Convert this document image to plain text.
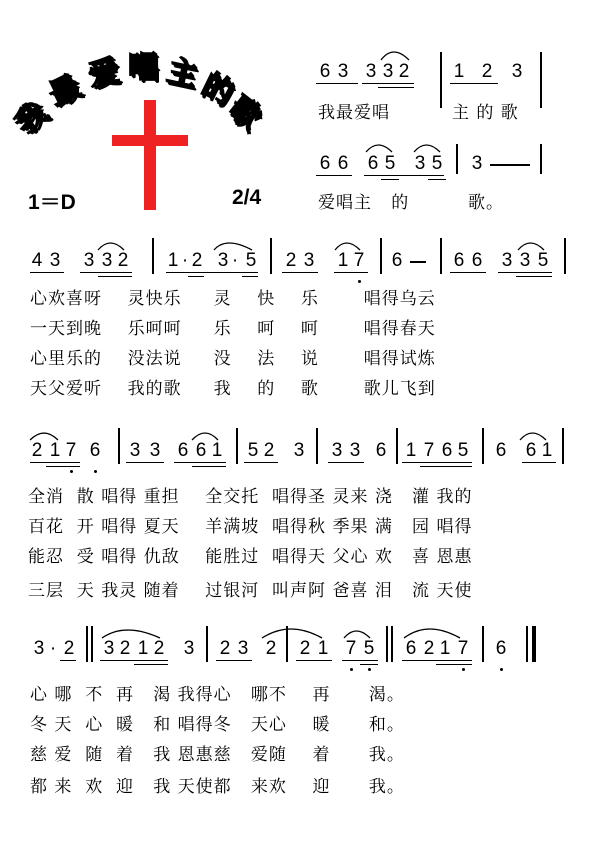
我
最 爱 唱 主
的
歌
1＝D	2/4
6 3 3 3 2 1 2 3
我最爱唱	主 的 歌
6 6 6 5 3 5 3
爱唱主   的	歌。
4 3 3 3 2 1 · 2 3 · 5 2 3 1 7 6	6 6 3 3 5
心欢喜呀    灵快乐     灵    快    乐       唱得乌云
一天到晚    乐呵呵     乐    呵    呵       唱得春天
心里乐的    没法说     没    法    说       唱得试炼
天父爱听    我的歌     我    的    歌       歌儿飞到
2 1 7 6 3 3 6 6 1 5 2 3 3 3 6 1 7 6 5 6 6 1
全消  散 唱得 重担    全交托  唱得圣 灵来 浇   灌 我的
百花  开 唱得 夏天    羊满坡  唱得秋 季果 满   园 唱得
能忍  受 唱得 仇敌    能胜过  唱得天 父心 欢   喜 恩惠
三层  天 我灵 随着    过银河  叫声阿 爸喜 泪   流 天使
3 · 2 3 2 1 2 3 2 3 2 2 1 7 5 6 2 1 7 6
心 哪  不  再   渴 我得心   哪不    再      渴。
冬 天  心  暖   和 唱得冬   天心    暖      和。
慈 爱  随  着   我 恩惠慈   爱随    着      我。
都 来  欢  迎   我 天使都   来欢    迎      我。
